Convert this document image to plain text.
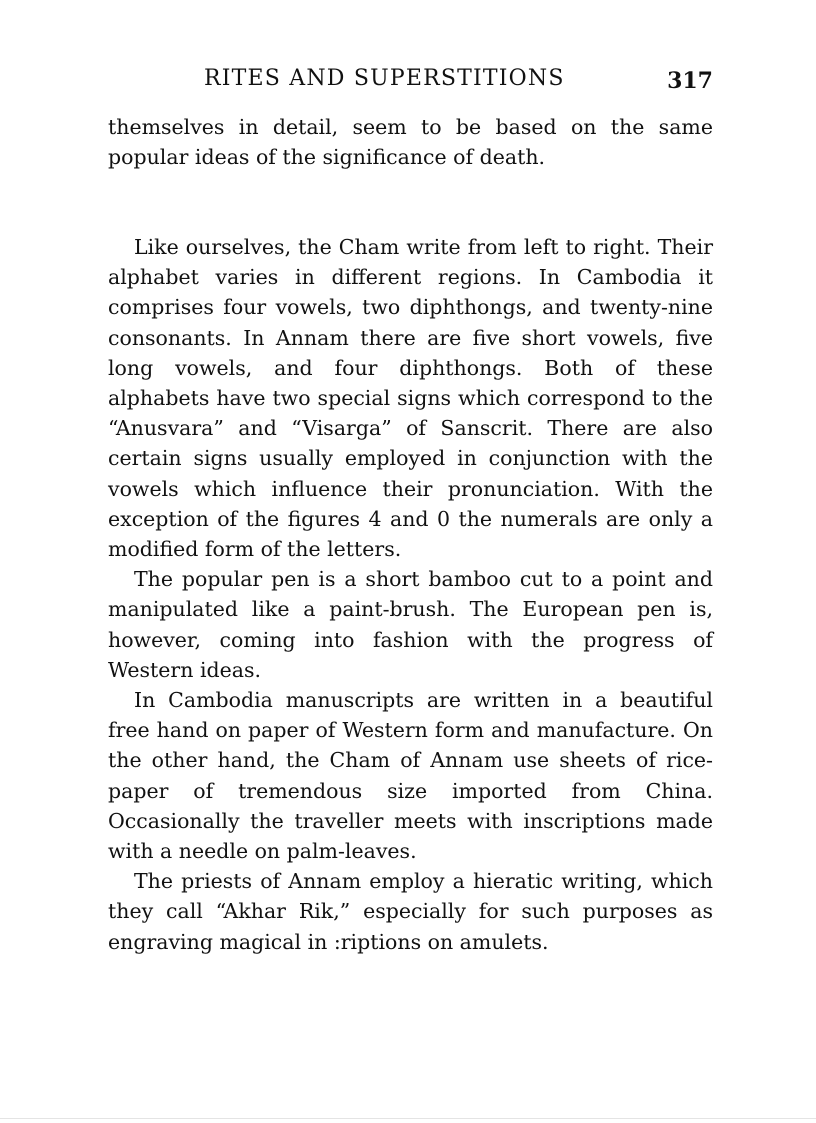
RITES AND SUPERSTITIONS	317

themselves in detail, seem to be based on the same popular ideas of the significance of death.

Like ourselves, the Cham write from left to right. Their alphabet varies in different regions. In Cambodia it comprises four vowels, two diphthongs, and twenty-nine consonants. In Annam there are five short vowels, five long vowels, and four diphthongs. Both of these alphabets have two special signs which correspond to the “Anusvara” and “Visarga” of Sanscrit. There are also certain signs usually employed in conjunction with the vowels which influence their pronunciation. With the exception of the figures 4 and 0 the numerals are only a modified form of the letters.

The popular pen is a short bamboo cut to a point and manipulated like a paint-brush. The European pen is, however, coming into fashion with the progress of Western ideas.

In Cambodia manuscripts are written in a beautiful free hand on paper of Western form and manufacture. On the other hand, the Cham of Annam use sheets of rice-paper of tremendous size imported from China. Occasionally the traveller meets with inscriptions made with a needle on palm-leaves.

The priests of Annam employ a hieratic writing, which they call “Akhar Rik,” especially for such purposes as engraving magical in :riptions on amulets.
